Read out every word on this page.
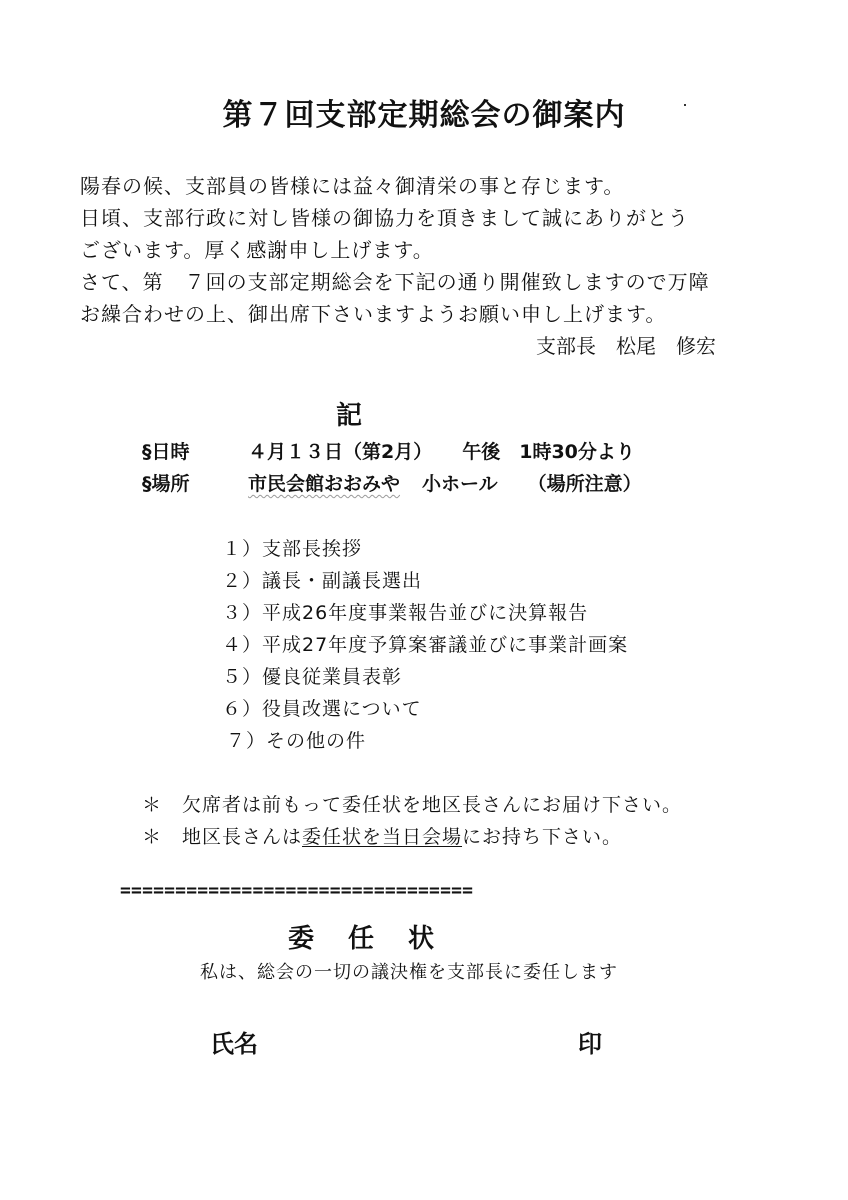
第７回支部定期総会の御案内
陽春の候、支部員の皆様には益々御清栄の事と存じます。
日頃、支部行政に対し皆様の御協力を頂きまして誠にありがとう
ございます。厚く感謝申し上げます。
さて、第　７回の支部定期総会を下記の通り開催致しますので万障
お繰合わせの上、御出席下さいますようお願い申し上げます。
支部長　松尾　修宏
記
§日時	４月１３日（第2月） 午後　1時30分より
§場所	市民会館おおみや 小ホール （場所注意）
１）支部長挨拶
２）議長・副議長選出
３）平成26年度事業報告並びに決算報告
４）平成27年度予算案審議並びに事業計画案
５）優良従業員表彰
６）役員改選について
７）その他の件
＊ 欠席者は前もって委任状を地区長さんにお届け下さい。
＊ 地区長さんは委任状を当日会場にお持ち下さい。
================================
委任状
私は、総会の一切の議決権を支部長に委任します
氏名	印
